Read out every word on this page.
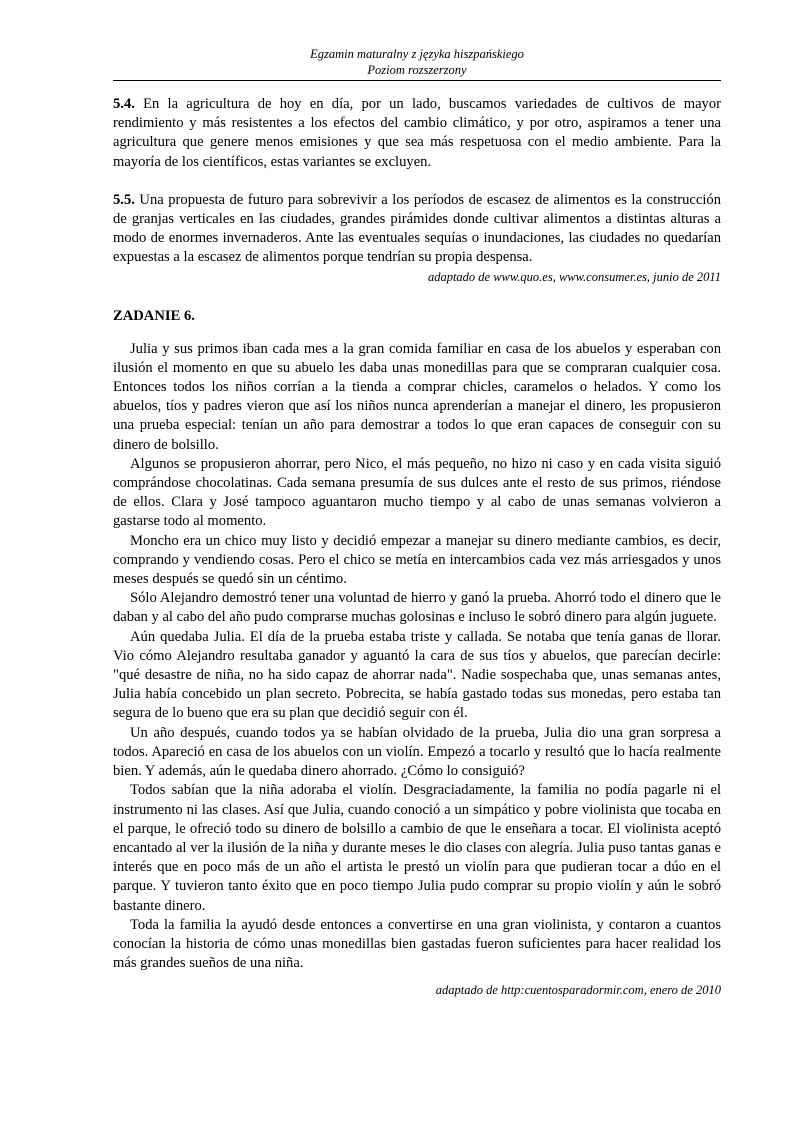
Egzamin maturalny z języka hiszpańskiego
Poziom rozszerzony
5.4. En la agricultura de hoy en día, por un lado, buscamos variedades de cultivos de mayor rendimiento y más resistentes a los efectos del cambio climático, y por otro, aspiramos a tener una agricultura que genere menos emisiones y que sea más respetuosa con el medio ambiente. Para la mayoría de los científicos, estas variantes se excluyen.
5.5. Una propuesta de futuro para sobrevivir a los períodos de escasez de alimentos es la construcción de granjas verticales en las ciudades, grandes pirámides donde cultivar alimentos a distintas alturas a modo de enormes invernaderos. Ante las eventuales sequías o inundaciones, las ciudades no quedarían expuestas a la escasez de alimentos porque tendrían su propia despensa.
adaptado de www.quo.es, www.consumer.es, junio de 2011
ZADANIE 6.

Julia y sus primos iban cada mes a la gran comida familiar en casa de los abuelos y esperaban con ilusión el momento en que su abuelo les daba unas monedillas para que se compraran cualquier cosa. Entonces todos los niños corrían a la tienda a comprar chicles, caramelos o helados. Y como los abuelos, tíos y padres vieron que así los niños nunca aprenderían a manejar el dinero, les propusieron una prueba especial: tenían un año para demostrar a todos lo que eran capaces de conseguir con su dinero de bolsillo.

Algunos se propusieron ahorrar, pero Nico, el más pequeño, no hizo ni caso y en cada visita siguió comprándose chocolatinas. Cada semana presumía de sus dulces ante el resto de sus primos, riéndose de ellos. Clara y José tampoco aguantaron mucho tiempo y al cabo de unas semanas volvieron a gastarse todo al momento.

Moncho era un chico muy listo y decidió empezar a manejar su dinero mediante cambios, es decir, comprando y vendiendo cosas. Pero el chico se metía en intercambios cada vez más arriesgados y unos meses después se quedó sin un céntimo.

Sólo Alejandro demostró tener una voluntad de hierro y ganó la prueba. Ahorró todo el dinero que le daban y al cabo del año pudo comprarse muchas golosinas e incluso le sobró dinero para algún juguete.

Aún quedaba Julia. El día de la prueba estaba triste y callada. Se notaba que tenía ganas de llorar. Vio cómo Alejandro resultaba ganador y aguantó la cara de sus tíos y abuelos, que parecían decirle: "qué desastre de niña, no ha sido capaz de ahorrar nada". Nadie sospechaba que, unas semanas antes, Julia había concebido un plan secreto. Pobrecita, se había gastado todas sus monedas, pero estaba tan segura de lo bueno que era su plan que decidió seguir con él.

Un año después, cuando todos ya se habían olvidado de la prueba, Julia dio una gran sorpresa a todos. Apareció en casa de los abuelos con un violín. Empezó a tocarlo y resultó que lo hacía realmente bien. Y además, aún le quedaba dinero ahorrado. ¿Cómo lo consiguió?

Todos sabían que la niña adoraba el violín. Desgraciadamente, la familia no podía pagarle ni el instrumento ni las clases. Así que Julia, cuando conoció a un simpático y pobre violinista que tocaba en el parque, le ofreció todo su dinero de bolsillo a cambio de que le enseñara a tocar. El violinista aceptó encantado al ver la ilusión de la niña y durante meses le dio clases con alegría. Julia puso tantas ganas e interés que en poco más de un año el artista le prestó un violín para que pudieran tocar a dúo en el parque. Y tuvieron tanto éxito que en poco tiempo Julia pudo comprar su propio violín y aún le sobró bastante dinero.

Toda la familia la ayudó desde entonces a convertirse en una gran violinista, y contaron a cuantos conocían la historia de cómo unas monedillas bien gastadas fueron suficientes para hacer realidad los más grandes sueños de una niña.

adaptado de http:cuentosparadormir.com, enero de 2010
